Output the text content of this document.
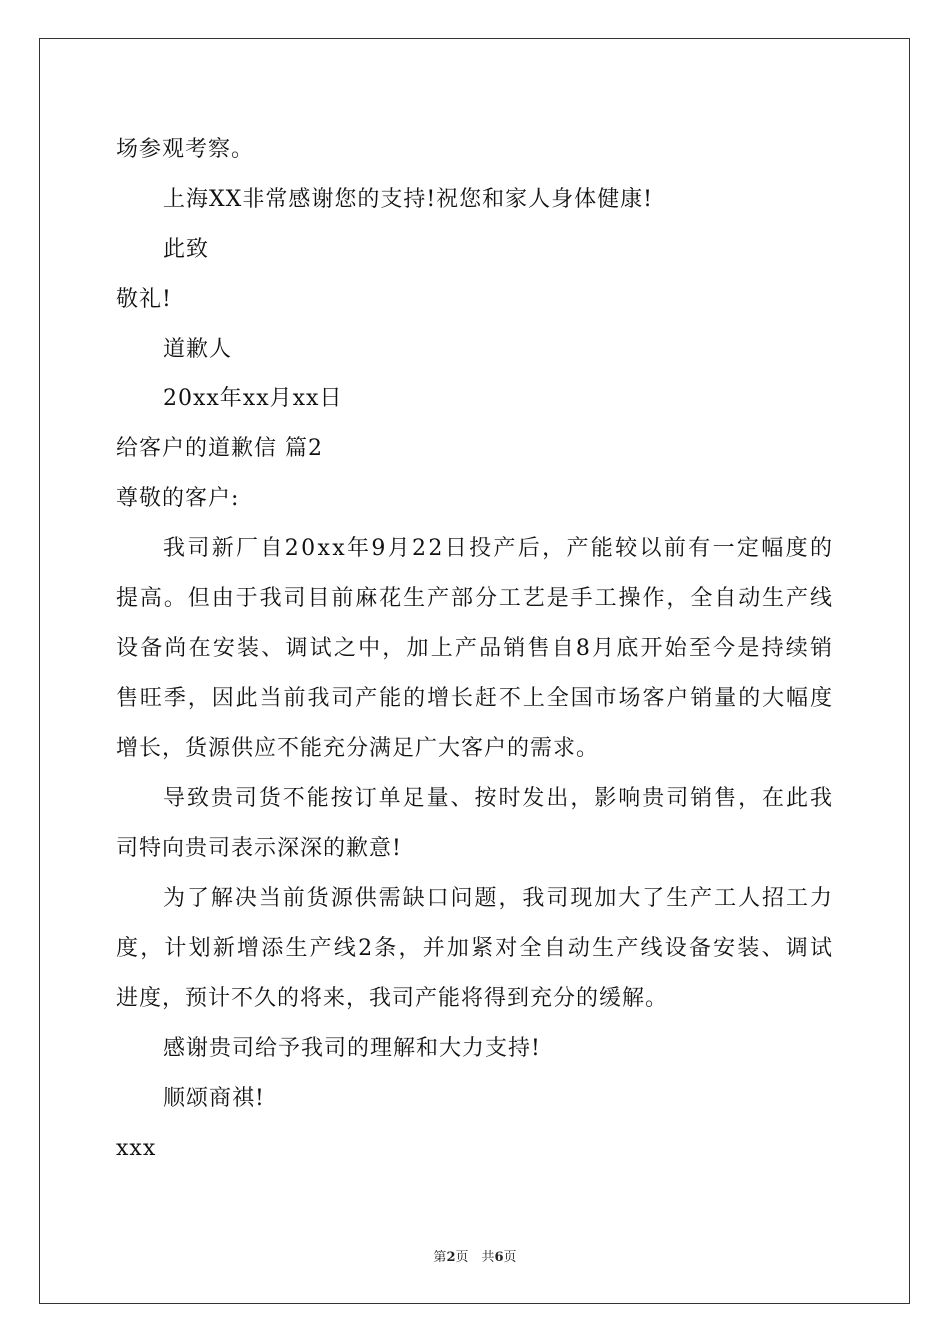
场参观考察。
上海XX非常感谢您的支持!祝您和家人身体健康!
此致
敬礼!
道歉人
20xx年xx月xx日
给客户的道歉信 篇2
尊敬的客户:
我司新厂自20xx年9月22日投产后，产能较以前有一定幅度的
提高。但由于我司目前麻花生产部分工艺是手工操作，全自动生产线
设备尚在安装、调试之中，加上产品销售自8月底开始至今是持续销
售旺季，因此当前我司产能的增长赶不上全国市场客户销量的大幅度
增长，货源供应不能充分满足广大客户的需求。
导致贵司货不能按订单足量、按时发出，影响贵司销售，在此我
司特向贵司表示深深的歉意!
为了解决当前货源供需缺口问题，我司现加大了生产工人招工力
度，计划新增添生产线2条，并加紧对全自动生产线设备安装、调试
进度，预计不久的将来，我司产能将得到充分的缓解。
感谢贵司给予我司的理解和大力支持!
顺颂商祺!
xxx
第2页　共6页
